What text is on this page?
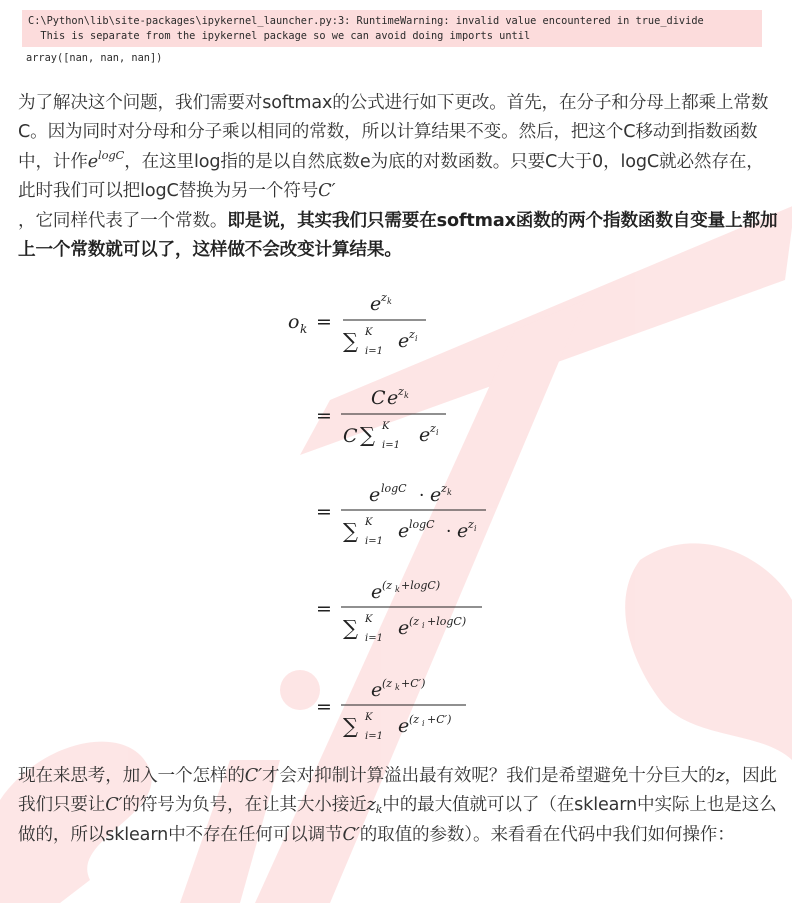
C:\Python\lib\site-packages\ipykernel_launcher.py:3: RuntimeWarning: invalid value encountered in true_divide
This is separate from the ipykernel package so we can avoid doing imports until
array([nan, nan, nan])
为了解决这个问题，我们需要对softmax的公式进行如下更改。首先，在分子和分母上都乘上常数C。因为同时对分母和分子乘以相同的常数，所以计算结果不变。然后，把这个C移动到指数函数中，计作$e^{logC}$，在这里log指的是以自然底数e为底的对数函数。只要C大于0，logC就必然存在，此时我们可以把logC替换为另一个符号C′
，它同样代表了一个常数。即是说，其实我们只需要在softmax函数的两个指数函数自变量上都加上一个常数就可以了，这样做不会改变计算结果。
o k =
e z k
∑ K
i=1 e z i
=
C e z k
C ∑ K
i=1 e z i
=
e logC · e z k
∑ K
i=1 e logC · e z i
=
e (z k +logC)
∑ K
i=1 e (z i +logC)
=
e (z k +C′)
∑ K
i=1 e (z i +C′)
现在来思考，加入一个怎样的C′才会对抑制计算溢出最有效呢？我们是希望避免十分巨大的z，因此我们只要让C′的符号为负号，在让其大小接近$z_k$中的最大值就可以了（在sklearn中实际上也是这么做的，所以sklearn中不存在任何可以调节C′的取值的参数）。来看看在代码中我们如何操作：
